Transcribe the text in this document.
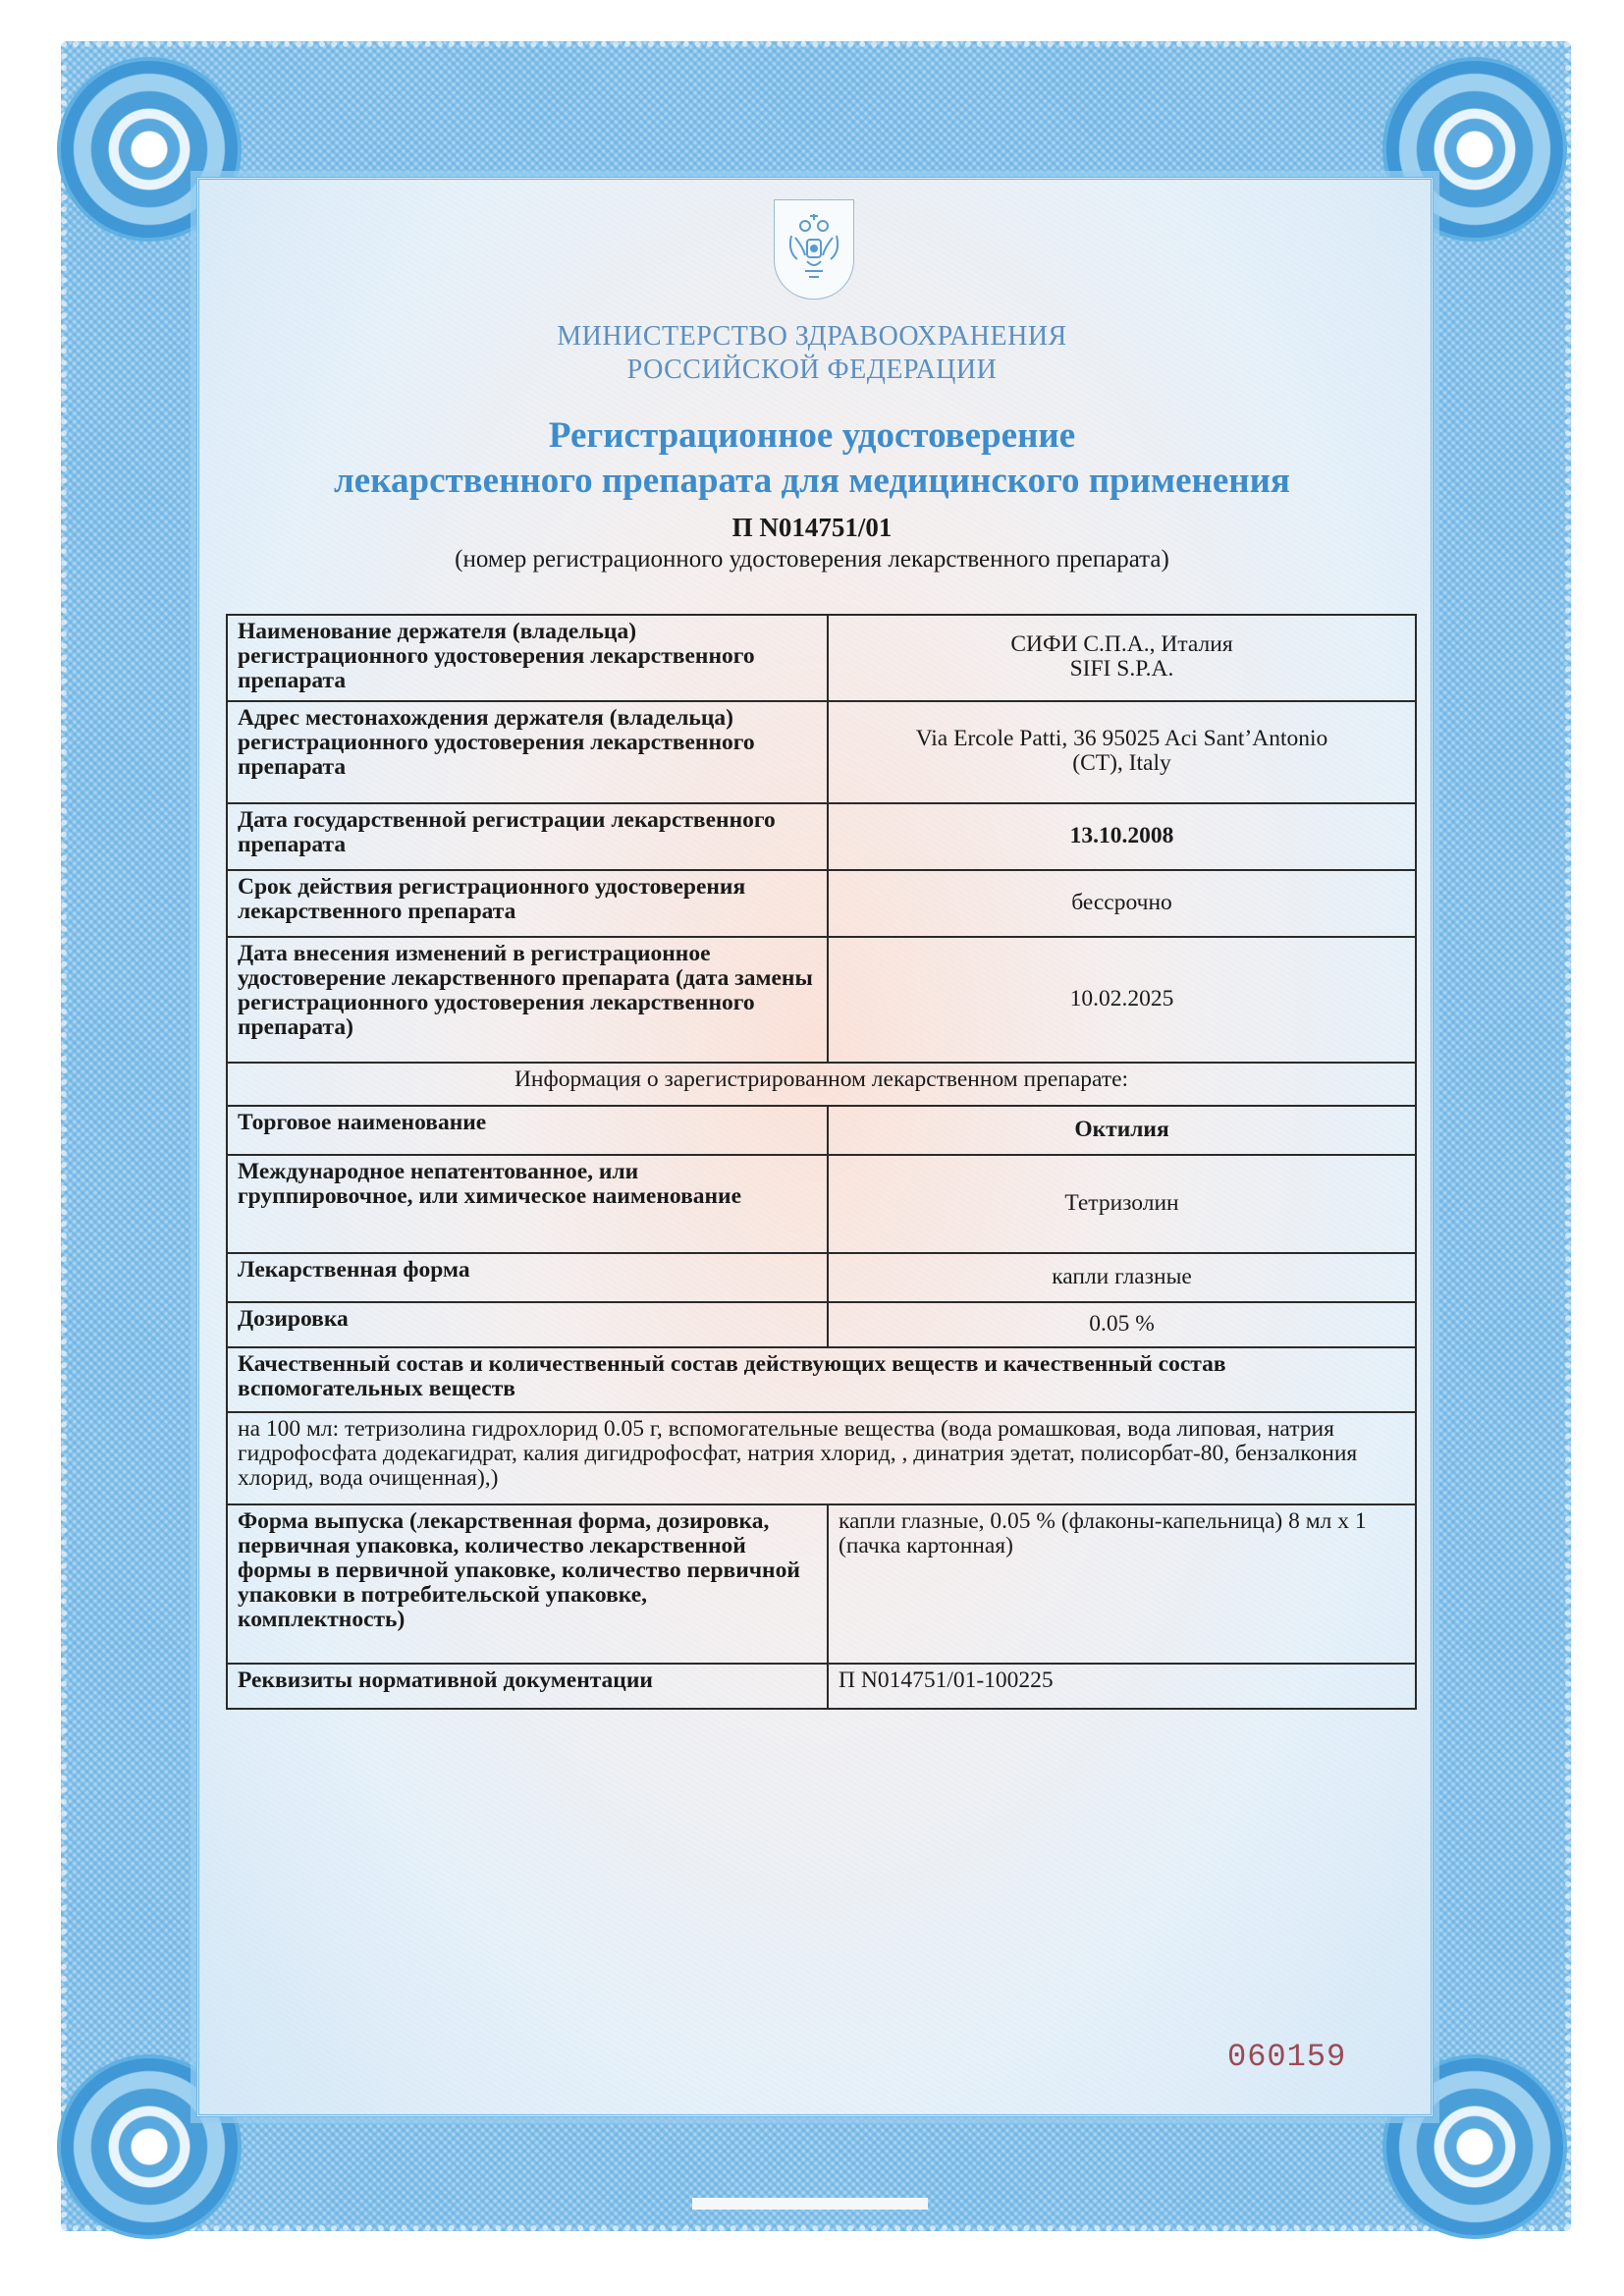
МИНИСТЕРСТВО ЗДРАВООХРАНЕНИЯ
РОССИЙСКОЙ ФЕДЕРАЦИИ
Регистрационное удостоверение
лекарственного препарата для медицинского применения
П N014751/01
(номер регистрационного удостоверения лекарственного препарата)
Наименование держателя (владельца) регистрационного удостоверения лекарственного препарата	СИФИ С.П.А., Италия
SIFI S.P.A.

Адрес местонахождения держателя (владельца) регистрационного удостоверения лекарственного препарата	Via Ercole Patti, 36 95025 Aci Sant’Antonio
(CT), Italy

Дата государственной регистрации лекарственного препарата	13.10.2008
Срок действия регистрационного удостоверения лекарственного препарата	бессрочно
Дата внесения изменений в регистрационное удостоверение лекарственного препарата (дата замены регистрационного удостоверения лекарственного препарата)	10.02.2025
Информация о зарегистрированном лекарственном препарате:	
Торговое наименование	Октилия
Международное непатентованное, или группировочное, или химическое наименование	Тетризолин
Лекарственная форма	капли глазные
Дозировка	0.05 %
Качественный состав и количественный состав действующих веществ и качественный состав вспомогательных веществ	
на 100 мл: тетризолина гидрохлорид 0.05 г, вспомогательные вещества (вода ромашковая, вода липовая, натрия гидрофосфата додекагидрат, калия дигидрофосфат, натрия хлорид, , динатрия эдетат, полисорбат-80, бензалкония хлорид, вода очищенная),)	
Форма выпуска (лекарственная форма, дозировка, первичная упаковка, количество лекарственной формы в первичной упаковке, количество первичной упаковки в потребительской упаковке, комплектность)	капли глазные, 0.05 % (флаконы-капельница) 8 мл x 1 (пачка картонная)
Реквизиты нормативной документации	П N014751/01-100225
060159
